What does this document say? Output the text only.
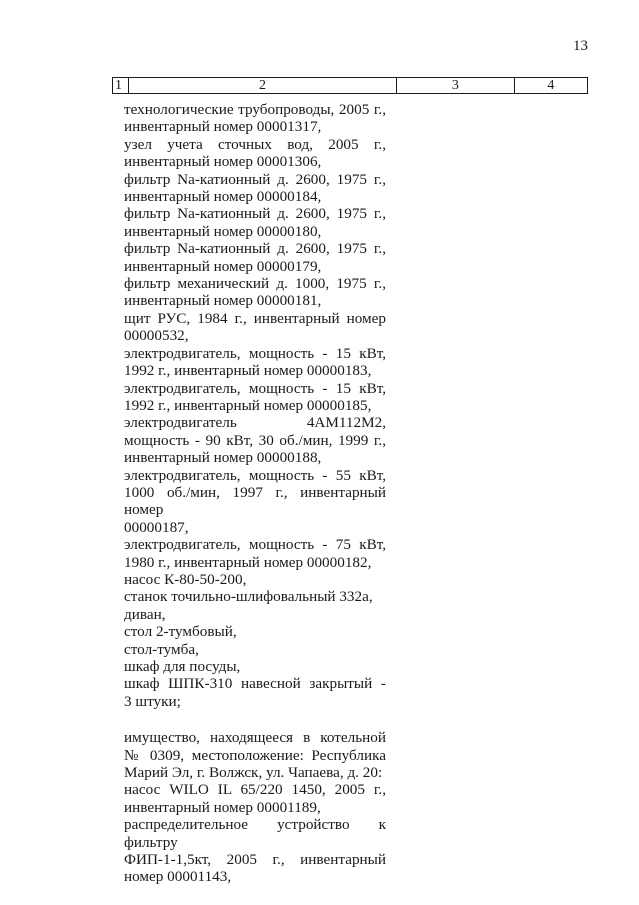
13
1	2	3	4
технологические трубопроводы, 2005 г.,
инвентарный номер 00001317,
узел учета сточных вод, 2005 г.,
инвентарный номер 00001306,
фильтр Na-катионный д. 2600, 1975 г.,
инвентарный номер 00000184,
фильтр Na-катионный д. 2600, 1975 г.,
инвентарный номер 00000180,
фильтр Na-катионный д. 2600, 1975 г.,
инвентарный номер 00000179,
фильтр механический д. 1000, 1975 г.,
инвентарный номер 00000181,
щит РУС, 1984 г., инвентарный номер
00000532,
электродвигатель, мощность - 15 кВт,
1992 г., инвентарный номер 00000183,
электродвигатель, мощность - 15 кВт,
1992 г., инвентарный номер 00000185,
электродвигатель 4АМ112М2,
мощность - 90 кВт, 30 об./мин, 1999 г.,
инвентарный номер 00000188,
электродвигатель, мощность - 55 кВт,
1000 об./мин, 1997 г., инвентарный номер
00000187,
электродвигатель, мощность - 75 кВт,
1980 г., инвентарный номер 00000182,
насос К-80-50-200,
станок точильно-шлифовальный 332а,
диван,
стол 2-тумбовый,
стол-тумба,
шкаф для посуды,
шкаф ШПК-310 навесной закрытый -
3 штуки;
имущество, находящееся в котельной
№ 0309, местоположение: Республика
Марий Эл, г. Волжск, ул. Чапаева, д. 20:
насос WILO IL 65/220 1450, 2005 г.,
инвентарный номер 00001189,
распределительное устройство к фильтру
ФИП-1-1,5кт, 2005 г., инвентарный
номер 00001143,
